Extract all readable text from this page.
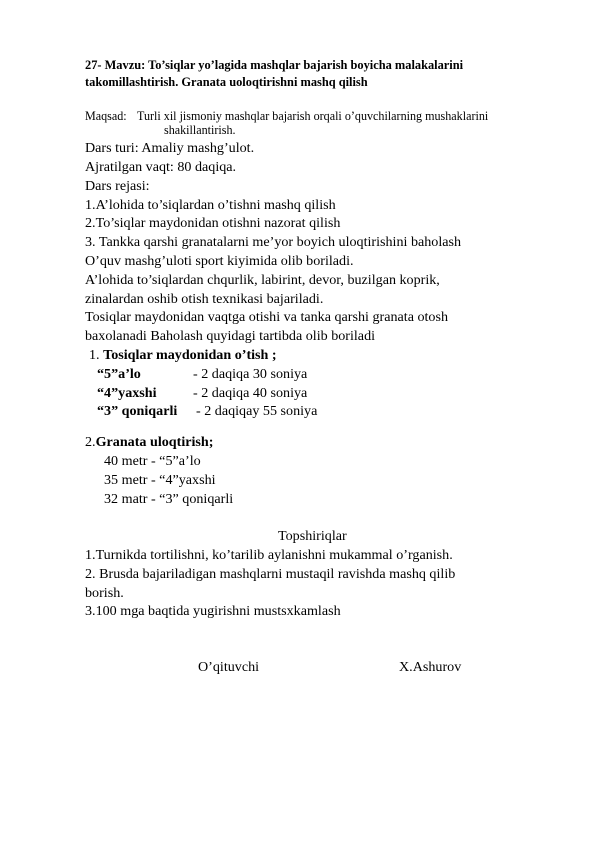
27- Mavzu: To’siqlar yo’lagida mashqlar bajarish boyicha malakalarini
takomillashtirish. Granata uoloqtirishni mashq qilish
Maqsad: Turli xil jismoniy mashqlar bajarish orqali o’quvchilarning mushaklarini
shakillantirish.
Dars turi: Amaliy mashg’ulot.
Ajratilgan vaqt: 80 daqiqa.
Dars rejasi:
1.A’lohida to’siqlardan o’tishni mashq qilish
2.To’siqlar maydonidan otishni nazorat qilish
3. Tankka qarshi granatalarni me’yor boyich uloqtirishini baholash
O’quv mashg’uloti sport kiyimida olib boriladi.
A’lohida to’siqlardan chqurlik, labirint, devor, buzilgan koprik,
zinalardan oshib otish texnikasi bajariladi.
Tosiqlar maydonidan vaqtga otishi va tanka qarshi granata otosh
baxolanadi Baholash quyidagi tartibda olib boriladi
1. Tosiqlar maydonidan o’tish ;
“5”a’lo	- 2 daqiqa 30 soniya
“4”yaxshi	- 2 daqiqa 40 soniya
“3” qoniqarli - 2 daqiqay 55 soniya
2.Granata uloqtirish;
40 metr - “5”a’lo
35 metr - “4”yaxshi
32 matr - “3” qoniqarli
Topshiriqlar
1.Turnikda tortilishni, ko’tarilib aylanishni mukammal o’rganish.
2. Brusda bajariladigan mashqlarni mustaqil ravishda mashq qilib
borish.
3.100 mga baqtida yugirishni mustsxkamlash
O’qituvchi	X.Ashurov
